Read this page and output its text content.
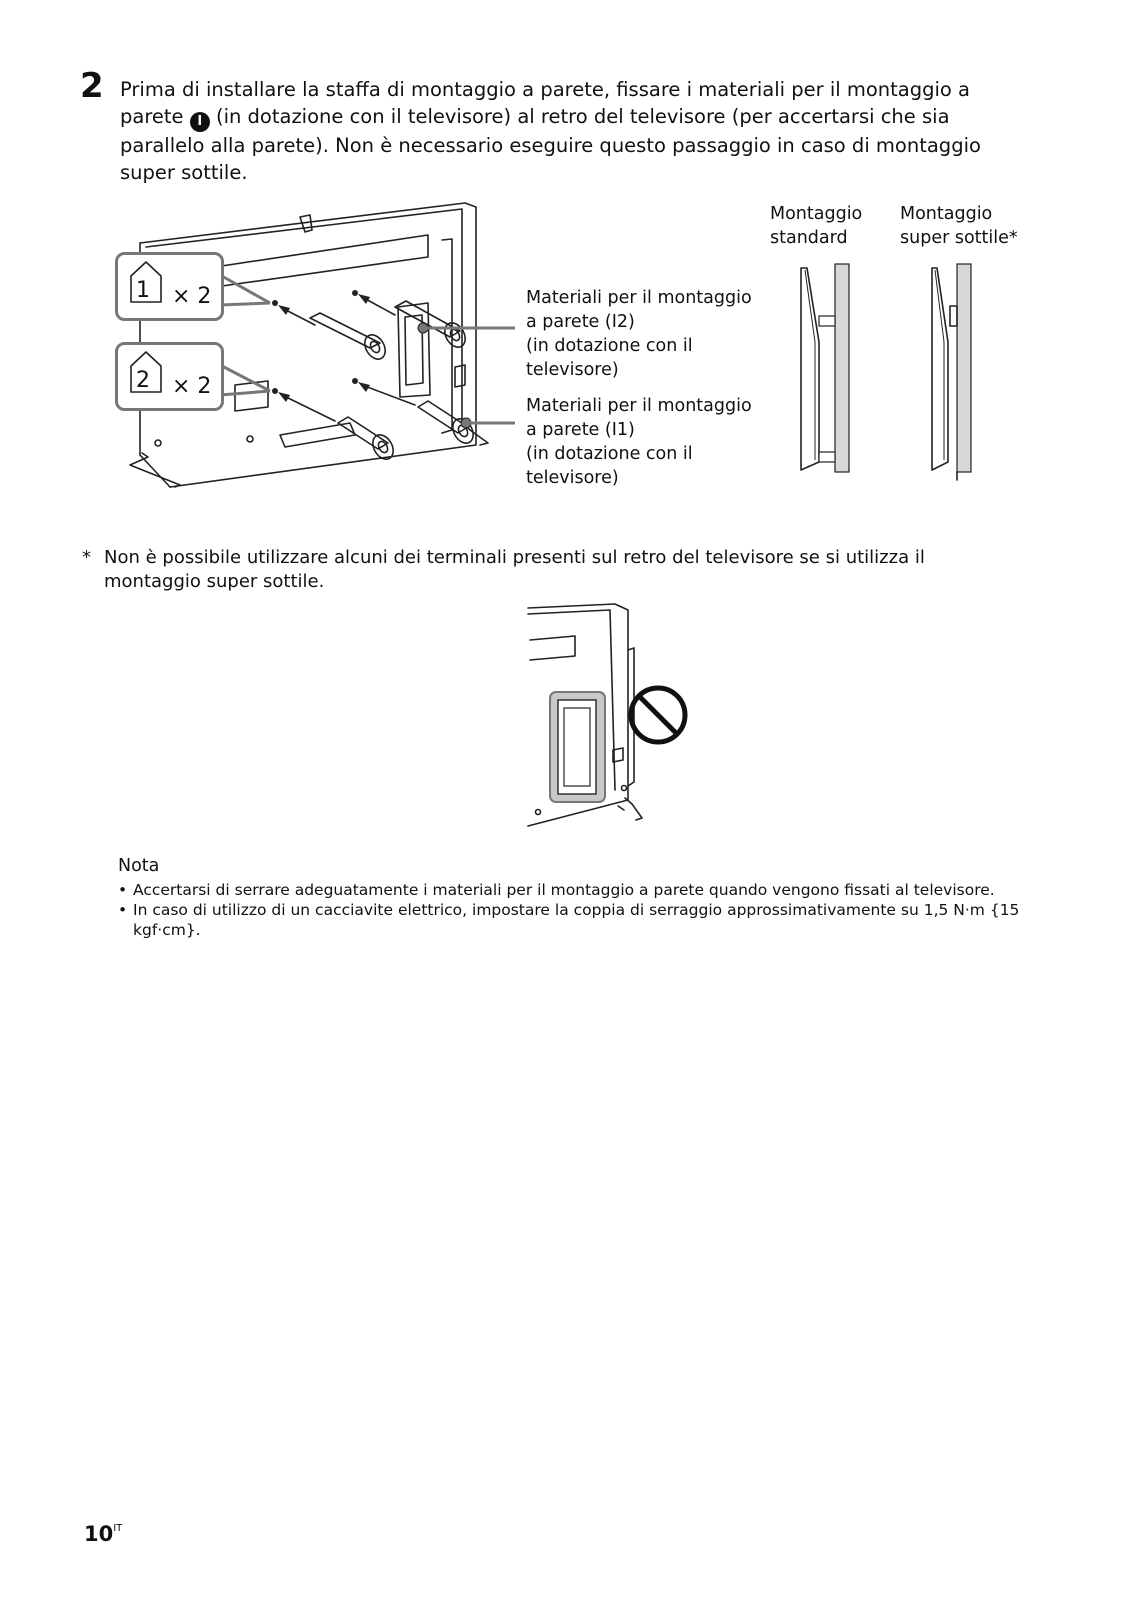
2 Prima di installare la staffa di montaggio a parete, fissare i materiali per il montaggio a parete I (in dotazione con il televisore) al retro del televisore (per accertarsi che sia parallelo alla parete). Non è necessario eseguire questo passaggio in caso di montaggio super sottile.
1 × 2
2 × 2
Materiali per il montaggio
a parete (I2)
(in dotazione con il
televisore)
Materiali per il montaggio
a parete (I1)
(in dotazione con il
televisore)
Montaggio
standard
Montaggio
super sottile*
* Non è possibile utilizzare alcuni dei terminali presenti sul retro del televisore se si utilizza il montaggio super sottile.
Nota
• Accertarsi di serrare adeguatamente i materiali per il montaggio a parete quando vengono fissati al televisore.
• In caso di utilizzo di un cacciavite elettrico, impostare la coppia di serraggio approssimativamente su 1,5 N·m {15 kgf·cm}.
$10^{IT}$
